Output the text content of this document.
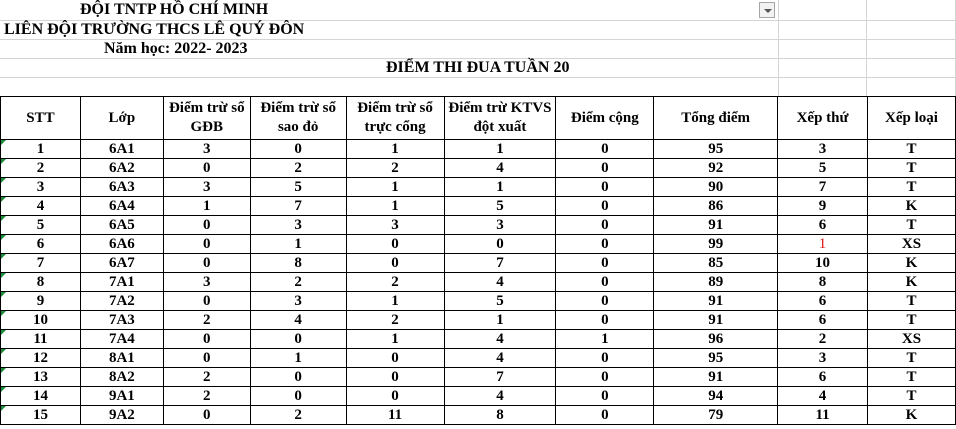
ĐỘI TNTP HỒ CHÍ MINH
LIÊN ĐỘI TRƯỜNG THCS LÊ QUÝ ĐÔN
Năm học: 2022- 2023
ĐIỂM THI ĐUA TUẦN 20
STT	Lớp	Điểm trừ sổ GĐB	Điểm trừ sổ sao đỏ	Điểm trừ sổ trực cổng	Điểm trừ KTVS đột xuất	Điểm cộng	Tổng điểm	Xếp thứ	Xếp loại

1	6A1	3	0	1	1	0	95	3	T

2	6A2	0	2	2	4	0	92	5	T

3	6A3	3	5	1	1	0	90	7	T

4	6A4	1	7	1	5	0	86	9	K

5	6A5	0	3	3	3	0	91	6	T

6	6A6	0	1	0	0	0	99	1	XS

7	6A7	0	8	0	7	0	85	10	K

8	7A1	3	2	2	4	0	89	8	K

9	7A2	0	3	1	5	0	91	6	T

10	7A3	2	4	2	1	0	91	6	T

11	7A4	0	0	1	4	1	96	2	XS

12	8A1	0	1	0	4	0	95	3	T

13	8A2	2	0	0	7	0	91	6	T

14	9A1	2	0	0	4	0	94	4	T

15	9A2	0	2	11	8	0	79	11	K
